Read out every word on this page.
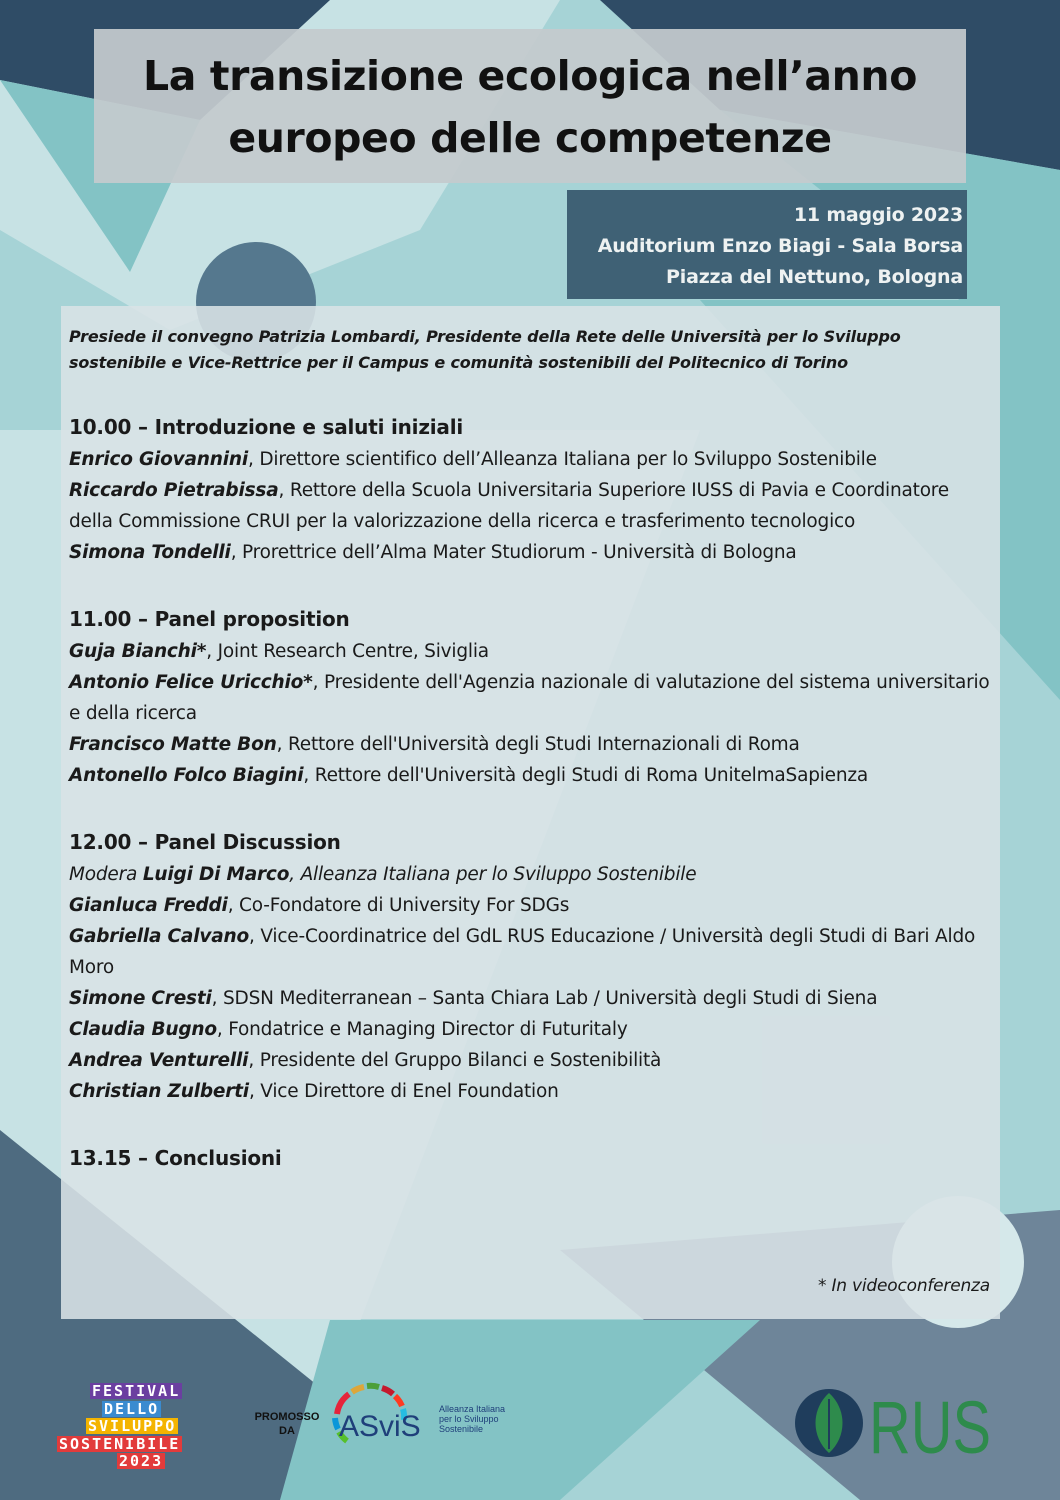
La transizione ecologica nell’anno
europeo delle competenze
11 maggio 2023
Auditorium Enzo Biagi - Sala Borsa
Piazza del Nettuno, Bologna
Presiede il convegno Patrizia Lombardi, Presidente della Rete delle Università per lo Sviluppo sostenibile e Vice-Rettrice per il Campus e comunità sostenibili del Politecnico di Torino
10.00 – Introduzione e saluti iniziali
Enrico Giovannini, Direttore scientifico dell’Alleanza Italiana per lo Sviluppo Sostenibile
Riccardo Pietrabissa, Rettore della Scuola Universitaria Superiore IUSS di Pavia e Coordinatore della Commissione CRUI per la valorizzazione della ricerca e trasferimento tecnologico
Simona Tondelli, Prorettrice dell’Alma Mater Studiorum - Università di Bologna
11.00 – Panel proposition
Guja Bianchi*, Joint Research Centre, Siviglia
Antonio Felice Uricchio*, Presidente dell'Agenzia nazionale di valutazione del sistema universitario e della ricerca
Francisco Matte Bon, Rettore dell'Università degli Studi Internazionali di Roma
Antonello Folco Biagini, Rettore dell'Università degli Studi di Roma UnitelmaSapienza
12.00 – Panel Discussion
Modera Luigi Di Marco, Alleanza Italiana per lo Sviluppo Sostenibile
Gianluca Freddi, Co-Fondatore di University For SDGs
Gabriella Calvano, Vice-Coordinatrice del GdL RUS Educazione / Università degli Studi di Bari Aldo Moro
Simone Cresti, SDSN Mediterranean – Santa Chiara Lab / Università degli Studi di Siena
Claudia Bugno, Fondatrice e Managing Director di Futuritaly
Andrea Venturelli, Presidente del Gruppo Bilanci e Sostenibilità
Christian Zulberti, Vice Direttore di Enel Foundation
13.15 – Conclusioni
* In videoconferenza
FESTIVAL
DELLO
SVILUPPO
SOSTENIBILE
2023
PROMOSSO
DA	ASviS
Alleanza Italiana
per lo Sviluppo
Sostenibile	RUS
